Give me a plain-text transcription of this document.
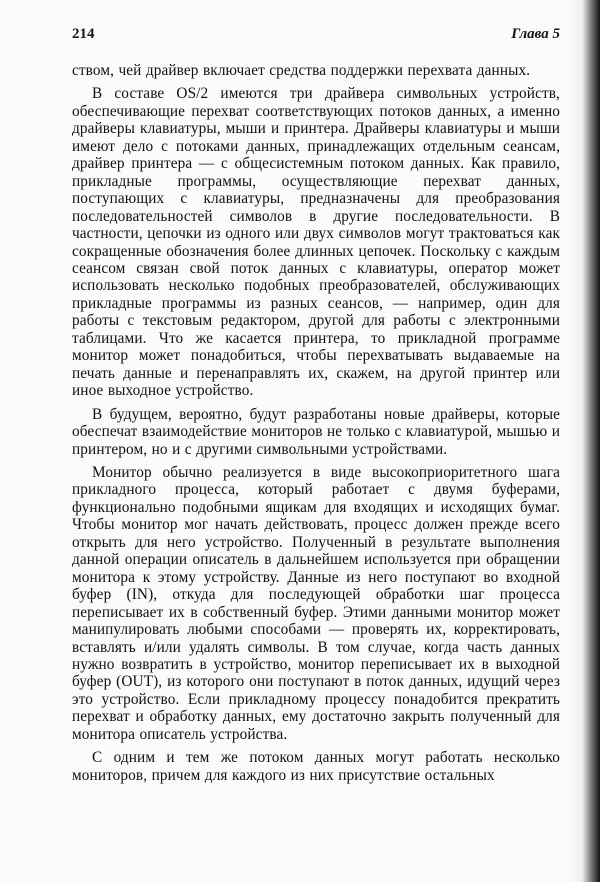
214	Глава 5

ством, чей драйвер включает средства поддержки перехвата данных.

В составе OS/2 имеются три драйвера символьных устройств, обеспечивающие перехват соответствующих потоков данных, а именно драйверы клавиатуры, мыши и принтера. Драйверы клавиатуры и мыши имеют дело с потоками данных, принадлежащих отдельным сеансам, драйвер принтера — с общесистемным потоком данных. Как правило, прикладные программы, осуществляющие перехват данных, поступающих с клавиатуры, предназначены для преобразования последовательностей символов в другие последовательности. В частности, цепочки из одного или двух символов могут трактоваться как сокращенные обозначения более длинных цепочек. Поскольку с каждым сеансом связан свой поток данных с клавиатуры, оператор может использовать несколько подобных преобразователей, обслуживающих прикладные программы из разных сеансов, — например, один для работы с текстовым редактором, другой для работы с электронными таблицами. Что же касается принтера, то прикладной программе монитор может понадобиться, чтобы перехватывать выдаваемые на печать данные и перенаправлять их, скажем, на другой принтер или иное выходное устройство.

В будущем, вероятно, будут разработаны новые драйверы, которые обеспечат взаимодействие мониторов не только с клавиатурой, мышью и принтером, но и с другими символьными устройствами.

Монитор обычно реализуется в виде высокоприоритетного шага прикладного процесса, который работает с двумя буферами, функционально подобными ящикам для входящих и исходящих бумаг. Чтобы монитор мог начать действовать, процесс должен прежде всего открыть для него устройство. Полученный в результате выполнения данной операции описатель в дальнейшем используется при обращении монитора к этому устройству. Данные из него поступают во входной буфер (IN), откуда для последующей обработки шаг процесса переписывает их в собственный буфер. Этими данными монитор может манипулировать любыми способами — проверять их, корректировать, вставлять и/или удалять символы. В том случае, когда часть данных нужно возвратить в устройство, монитор переписывает их в выходной буфер (OUT), из которого они поступают в поток данных, идущий через это устройство. Если прикладному процессу понадобится прекратить перехват и обработку данных, ему достаточно закрыть полученный для монитора описатель устройства.

С одним и тем же потоком данных могут работать несколько мониторов, причем для каждого из них присутствие остальных
